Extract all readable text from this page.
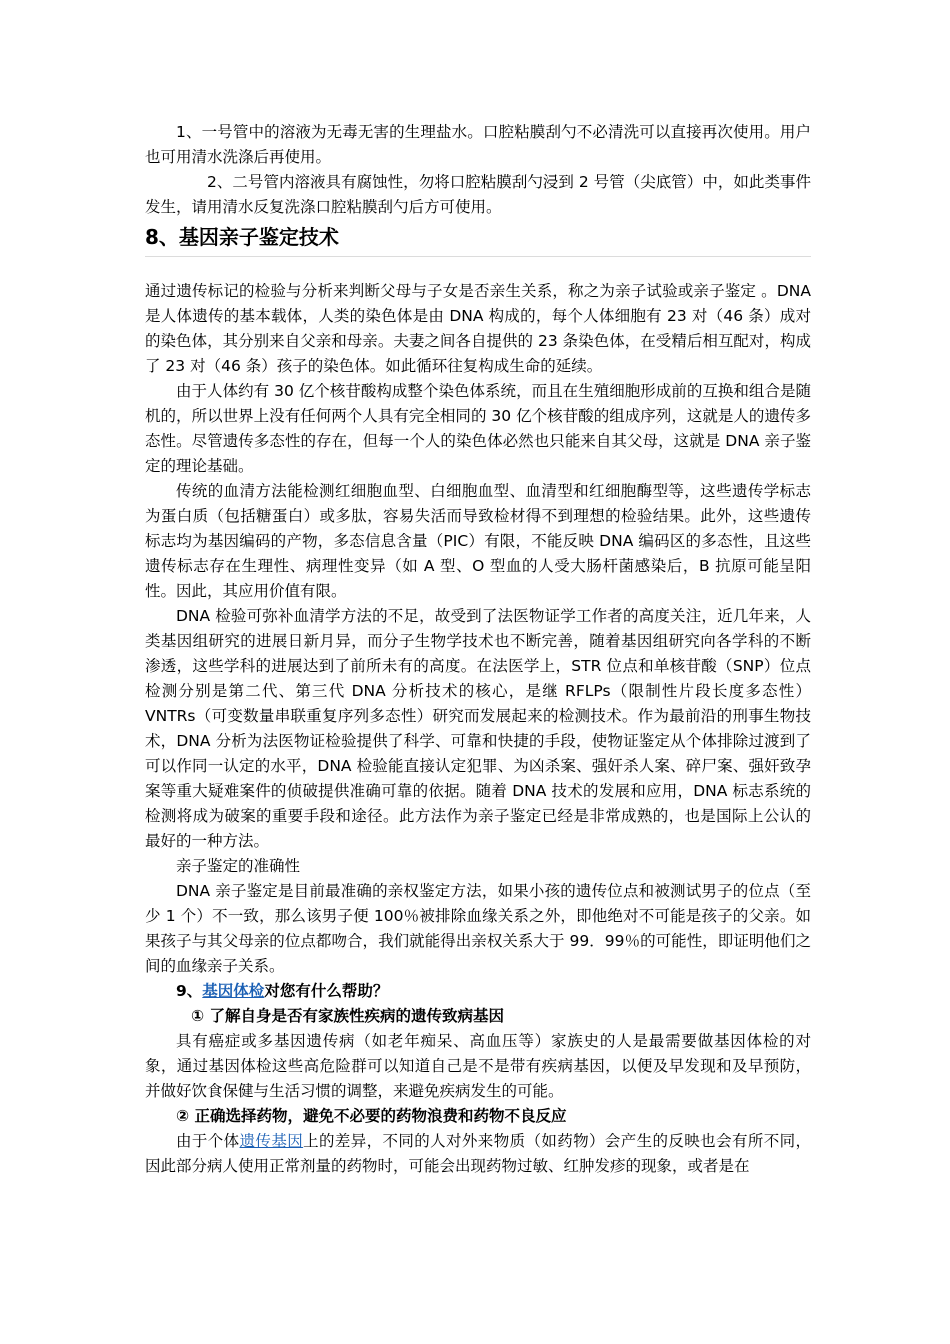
1、一号管中的溶液为无毒无害的生理盐水。口腔粘膜刮勺不必清洗可以直接再次使用。用户也可用清水洗涤后再使用。

2、二号管内溶液具有腐蚀性，勿将口腔粘膜刮勺浸到 2 号管（尖底管）中，如此类事件发生，请用清水反复洗涤口腔粘膜刮勺后方可使用。

8、基因亲子鉴定技术

通过遗传标记的检验与分析来判断父母与子女是否亲生关系，称之为亲子试验或亲子鉴定 。DNA 是人体遗传的基本载体，人类的染色体是由 DNA 构成的，每个人体细胞有 23 对（46 条）成对的染色体，其分别来自父亲和母亲。夫妻之间各自提供的 23 条染色体，在受精后相互配对，构成了 23 对（46 条）孩子的染色体。如此循环往复构成生命的延续。

由于人体约有 30 亿个核苷酸构成整个染色体系统，而且在生殖细胞形成前的互换和组合是随机的，所以世界上没有任何两个人具有完全相同的 30 亿个核苷酸的组成序列，这就是人的遗传多态性。尽管遗传多态性的存在，但每一个人的染色体必然也只能来自其父母，这就是 DNA 亲子鉴定的理论基础。

传统的血清方法能检测红细胞血型、白细胞血型、血清型和红细胞酶型等，这些遗传学标志为蛋白质（包括糖蛋白）或多肽，容易失活而导致检材得不到理想的检验结果。此外，这些遗传标志均为基因编码的产物，多态信息含量（PIC）有限，不能反映 DNA 编码区的多态性，且这些遗传标志存在生理性、病理性变异（如 A 型、O 型血的人受大肠杆菌感染后，B 抗原可能呈阳性。因此，其应用价值有限。

DNA 检验可弥补血清学方法的不足，故受到了法医物证学工作者的高度关注，近几年来，人类基因组研究的进展日新月异，而分子生物学技术也不断完善，随着基因组研究向各学科的不断渗透，这些学科的进展达到了前所未有的高度。在法医学上，STR 位点和单核苷酸（SNP）位点检测分别是第二代、第三代 DNA 分析技术的核心，是继 RFLPs（限制性片段长度多态性）VNTRs（可变数量串联重复序列多态性）研究而发展起来的检测技术。作为最前沿的刑事生物技术，DNA 分析为法医物证检验提供了科学、可靠和快捷的手段，使物证鉴定从个体排除过渡到了可以作同一认定的水平，DNA 检验能直接认定犯罪、为凶杀案、强奸杀人案、碎尸案、强奸致孕案等重大疑难案件的侦破提供准确可靠的依据。随着 DNA 技术的发展和应用，DNA 标志系统的检测将成为破案的重要手段和途径。此方法作为亲子鉴定已经是非常成熟的，也是国际上公认的最好的一种方法。

亲子鉴定的准确性

DNA 亲子鉴定是目前最准确的亲权鉴定方法，如果小孩的遗传位点和被测试男子的位点（至少 1 个）不一致，那么该男子便 100％被排除血缘关系之外，即他绝对不可能是孩子的父亲。如果孩子与其父母亲的位点都吻合，我们就能得出亲权关系大于 99．99％的可能性，即证明他们之间的血缘亲子关系。

9、基因体检对您有什么帮助？

① 了解自身是否有家族性疾病的遗传致病基因

具有癌症或多基因遗传病（如老年痴呆、高血压等）家族史的人是最需要做基因体检的对象，通过基因体检这些高危险群可以知道自己是不是带有疾病基因，以便及早发现和及早预防，并做好饮食保健与生活习惯的调整，来避免疾病发生的可能。

② 正确选择药物，避免不必要的药物浪费和药物不良反应

由于个体遗传基因上的差异，不同的人对外来物质（如药物）会产生的反映也会有所不同，因此部分病人使用正常剂量的药物时，可能会出现药物过敏、红肿发疹的现象，或者是在
